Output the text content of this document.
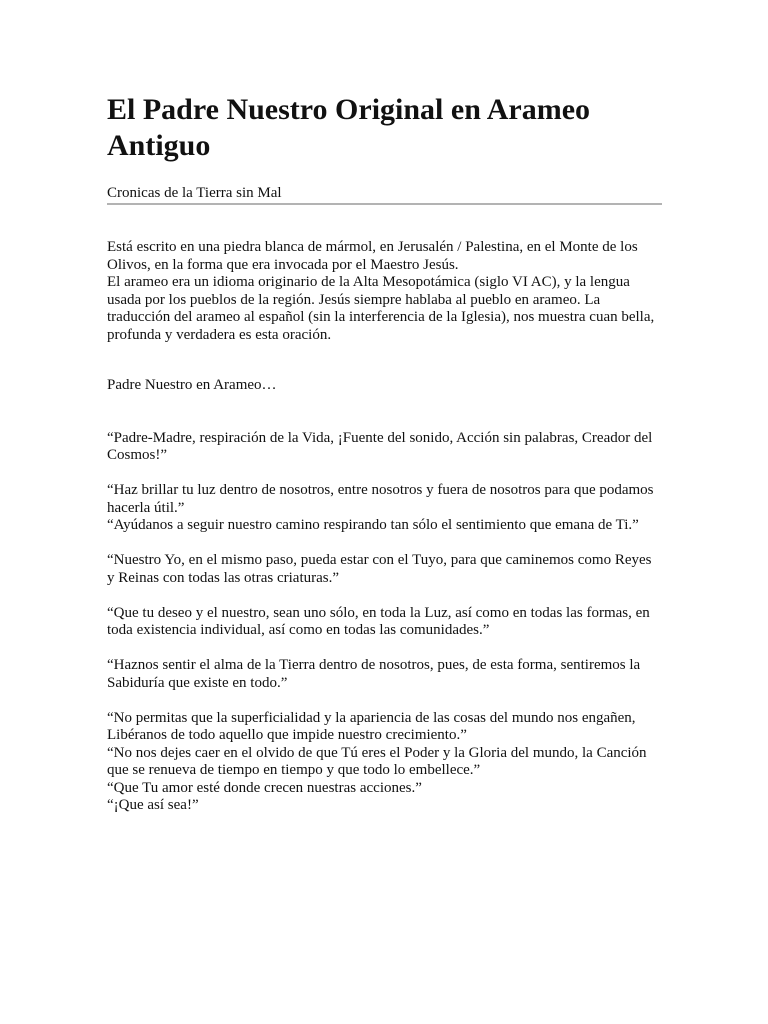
El Padre Nuestro Original en Arameo Antiguo
Cronicas de la Tierra sin Mal

Está escrito en una piedra blanca de mármol, en Jerusalén / Palestina, en el Monte de los Olivos, en la forma que era invocada por el Maestro Jesús.

El arameo era un idioma originario de la Alta Mesopotámica (siglo VI AC), y la lengua usada por los pueblos de la región. Jesús siempre hablaba al pueblo en arameo. La traducción del arameo al español (sin la interferencia de la Iglesia), nos muestra cuan bella, profunda y verdadera es esta oración.

Padre Nuestro en Arameo…

“Padre-Madre, respiración de la Vida, ¡Fuente del sonido, Acción sin palabras, Creador del Cosmos!”

“Haz brillar tu luz dentro de nosotros, entre nosotros y fuera de nosotros para que podamos hacerla útil.”

“Ayúdanos a seguir nuestro camino respirando tan sólo el sentimiento que emana de Ti.”

“Nuestro Yo, en el mismo paso, pueda estar con el Tuyo, para que caminemos como Reyes y Reinas con todas las otras criaturas.”

“Que tu deseo y el nuestro, sean uno sólo, en toda la Luz, así como en todas las formas, en toda existencia individual, así como en todas las comunidades.”

“Haznos sentir el alma de la Tierra dentro de nosotros, pues, de esta forma, sentiremos la Sabiduría que existe en todo.”

“No permitas que la superficialidad y la apariencia de las cosas del mundo nos engañen, Libéranos de todo aquello que impide nuestro crecimiento.”

“No nos dejes caer en el olvido de que Tú eres el Poder y la Gloria del mundo, la Canción que se renueva de tiempo en tiempo y que todo lo embellece.”

“Que Tu amor esté donde crecen nuestras acciones.”

“¡Que así sea!”
